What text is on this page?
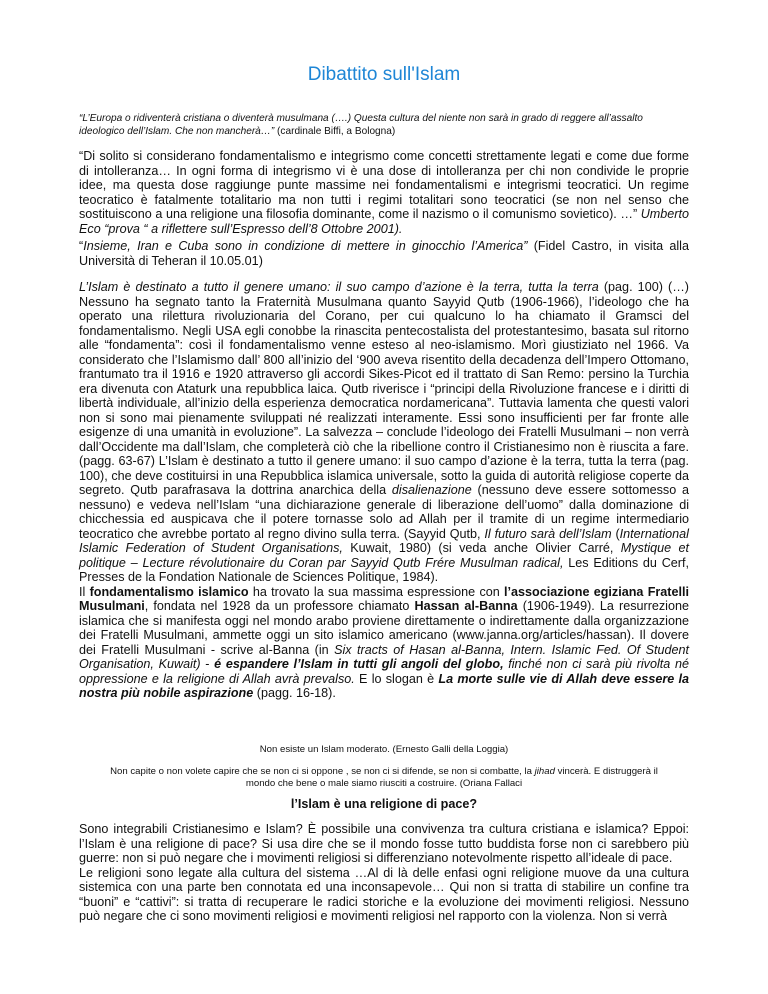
Dibattito sull'Islam
“L’Europa o ridiventerà cristiana o diventerà musulmana (….) Questa cultura del niente non sarà in grado di reggere all’assalto ideologico dell’Islam. Che non mancherà…” (cardinale Biffi, a Bologna)
“Di solito si considerano fondamentalismo e integrismo come concetti strettamente legati e come due forme di intolleranza… In ogni forma di integrismo vi è una dose di intolleranza per chi non condivide le proprie idee, ma questa dose raggiunge punte massime nei fondamentalismi e integrismi teocratici. Un regime teocratico è fatalmente totalitario ma non tutti i regimi totalitari sono teocratici (se non nel senso che sostituiscono a una religione una filosofia dominante, come il nazismo o il comunismo sovietico). …” Umberto Eco “prova “ a riflettere sull’Espresso dell’8 Ottobre 2001).
“Insieme, Iran e Cuba sono in condizione di mettere in ginocchio l’America” (Fidel Castro, in visita alla Università di Teheran il 10.05.01)
L’Islam è destinato a tutto il genere umano: il suo campo d’azione è la terra, tutta la terra (pag. 100) (…) Nessuno ha segnato tanto la Fraternità Musulmana quanto Sayyid Qutb (1906-1966), l’ideologo che ha operato una rilettura rivoluzionaria del Corano, per cui qualcuno lo ha chiamato il Gramsci del fondamentalismo. Negli USA egli conobbe la rinascita pentecostalista del protestantesimo, basata sul ritorno alle “fondamenta”: così il fondamentalismo venne esteso al neo-islamismo. Morì giustiziato nel 1966. Va considerato che l’Islamismo dall’ 800 all’inizio del ‘900 aveva risentito della decadenza dell’Impero Ottomano, frantumato tra il 1916 e 1920 attraverso gli accordi Sikes-Picot ed il trattato di San Remo: persino la Turchia era divenuta con Ataturk una repubblica laica. Qutb riverisce i “principi della Rivoluzione francese e i diritti di libertà individuale, all’inizio della esperienza democratica nordamericana”. Tuttavia lamenta che questi valori non si sono mai pienamente sviluppati né realizzati interamente. Essi sono insufficienti per far fronte alle esigenze di una umanità in evoluzione”. La salvezza – conclude l’ideologo dei Fratelli Musulmani – non verrà dall’Occidente ma dall’Islam, che completerà ciò che la ribellione contro il Cristianesimo non è riuscita a fare. (pagg. 63-67) L’Islam è destinato a tutto il genere umano: il suo campo d’azione è la terra, tutta la terra (pag. 100), che deve costituirsi in una Repubblica islamica universale, sotto la guida di autorità religiose coperte da segreto. Qutb parafrasava la dottrina anarchica della disalienazione (nessuno deve essere sottomesso a nessuno) e vedeva nell’Islam “una dichiarazione generale di liberazione dell’uomo” dalla dominazione di chicchessia ed auspicava che il potere tornasse solo ad Allah per il tramite di un regime intermediario teocratico che avrebbe portato al regno divino sulla terra. (Sayyid Qutb, Il futuro sarà dell’Islam (International Islamic Federation of Student Organisations, Kuwait, 1980) (si veda anche Olivier Carré, Mystique et politique – Lecture révolutionaire du Coran par Sayyid Qutb Frére Musulman radical, Les Editions du Cerf, Presses de la Fondation Nationale de Sciences Politique, 1984).
Il fondamentalismo islamico ha trovato la sua massima espressione con l’associazione egiziana Fratelli Musulmani, fondata nel 1928 da un professore chiamato Hassan al-Banna (1906-1949). La resurrezione islamica che si manifesta oggi nel mondo arabo proviene direttamente o indirettamente dalla organizzazione dei Fratelli Musulmani, ammette oggi un sito islamico americano (www.janna.org/articles/hassan). Il dovere dei Fratelli Musulmani - scrive al-Banna (in Six tracts of Hasan al-Banna, Intern. Islamic Fed. Of Student Organisation, Kuwait) - é espandere l’Islam in tutti gli angoli del globo, finché non ci sarà più rivolta né oppressione e la religione di Allah avrà prevalso. E lo slogan è La morte sulle vie di Allah deve essere la nostra più nobile aspirazione (pagg. 16-18).
Non esiste un Islam moderato. (Ernesto Galli della Loggia)
Non capite o non volete capire che se non ci si oppone , se non ci si difende, se non si combatte, la jihad vincerà. E distruggerà il mondo che bene o male siamo riusciti a costruire. (Oriana Fallaci
l’Islam è una religione di pace?
Sono integrabili Cristianesimo e Islam? È possibile una convivenza tra cultura cristiana e islamica? Eppoi: l’Islam è una religione di pace? Si usa dire che se il mondo fosse tutto buddista forse non ci sarebbero più guerre: non si può negare che i movimenti religiosi si differenziano notevolmente rispetto all’ideale di pace.
Le religioni sono legate alla cultura del sistema …Al di là delle enfasi ogni religione muove da una cultura sistemica con una parte ben connotata ed una inconsapevole… Qui non si tratta di stabilire un confine tra “buoni” e “cattivi”: si tratta di recuperare le radici storiche e la evoluzione dei movimenti religiosi. Nessuno può negare che ci sono movimenti religiosi e movimenti religiosi nel rapporto con la violenza. Non si verrà
